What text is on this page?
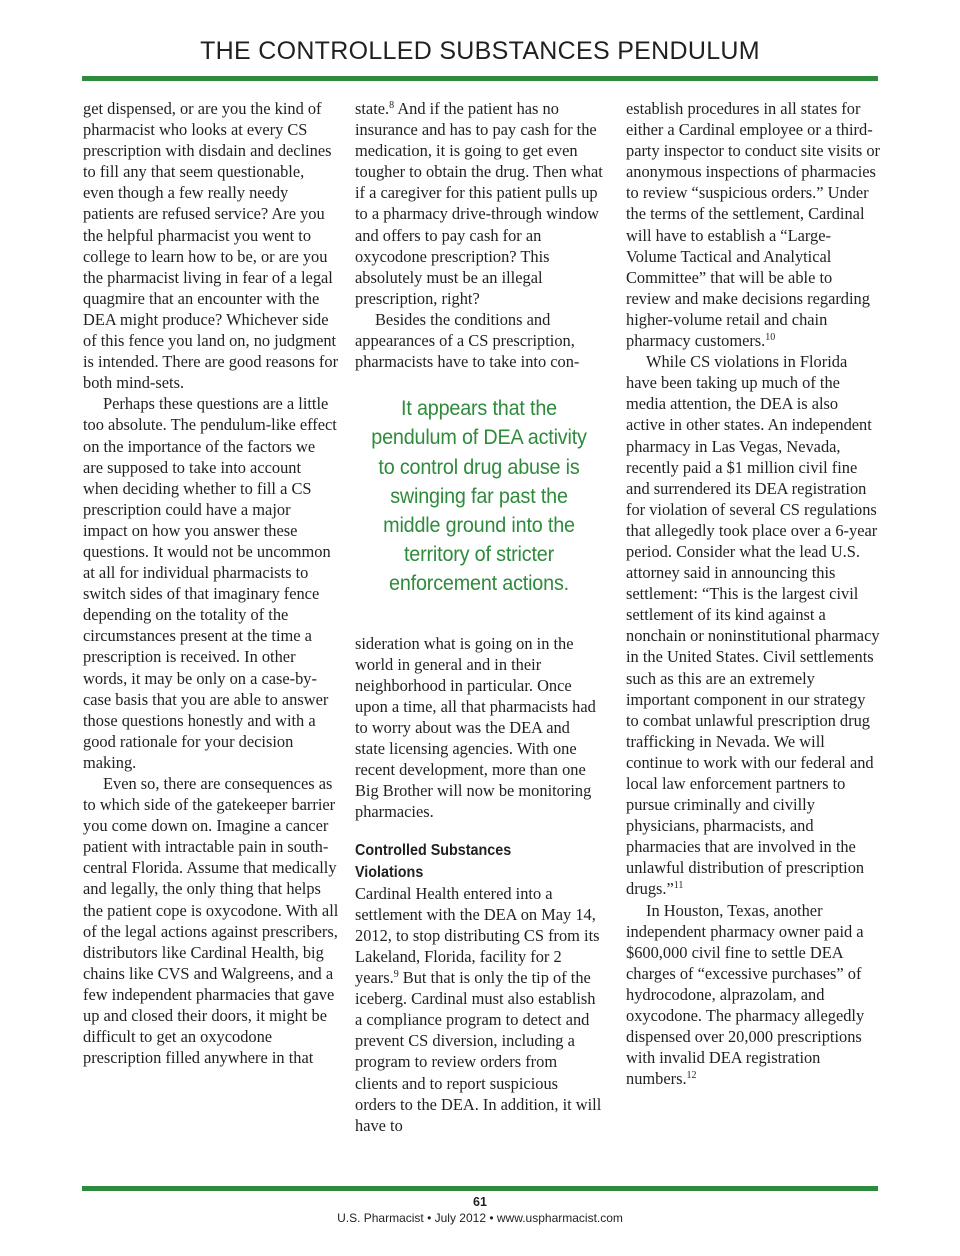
THE CONTROLLED SUBSTANCES PENDULUM

get dispensed, or are you the kind of pharmacist who looks at every CS prescription with disdain and declines to fill any that seem questionable, even though a few really needy patients are refused service? Are you the helpful pharmacist you went to college to learn how to be, or are you the pharmacist living in fear of a legal quagmire that an encounter with the DEA might produce? Whichever side of this fence you land on, no judgment is intended. There are good reasons for both mind-sets.

Perhaps these questions are a little too absolute. The pendulum-like effect on the importance of the factors we are supposed to take into account when deciding whether to fill a CS prescription could have a major impact on how you answer these questions. It would not be uncommon at all for individual pharmacists to switch sides of that imaginary fence depending on the totality of the circumstances present at the time a prescription is received. In other words, it may be only on a case-by-case basis that you are able to answer those questions honestly and with a good rationale for your decision making.

Even so, there are consequences as to which side of the gatekeeper barrier you come down on. Imagine a cancer patient with intractable pain in south-central Florida. Assume that medically and legally, the only thing that helps the patient cope is oxycodone. With all of the legal actions against prescribers, distributors like Cardinal Health, big chains like CVS and Walgreens, and a few independent pharmacies that gave up and closed their doors, it might be difficult to get an oxycodone prescription filled anywhere in that

state.$^8$ And if the patient has no insurance and has to pay cash for the medication, it is going to get even tougher to obtain the drug. Then what if a caregiver for this patient pulls up to a pharmacy drive-through window and offers to pay cash for an oxycodone prescription? This absolutely must be an illegal prescription, right?

Besides the conditions and appearances of a CS prescription, pharmacists have to take into con-

It appears that the pendulum of DEA activity to control drug abuse is swinging far past the middle ground into the territory of stricter enforcement actions.

sideration what is going on in the world in general and in their neighborhood in particular. Once upon a time, all that pharmacists had to worry about was the DEA and state licensing agencies. With one recent development, more than one Big Brother will now be monitoring pharmacies.

Controlled Substances Violations

Cardinal Health entered into a settlement with the DEA on May 14, 2012, to stop distributing CS from its Lakeland, Florida, facility for 2 years.$^9$ But that is only the tip of the iceberg. Cardinal must also establish a compliance program to detect and prevent CS diversion, including a program to review orders from clients and to report suspicious orders to the DEA. In addition, it will have to

establish procedures in all states for either a Cardinal employee or a third-party inspector to conduct site visits or anonymous inspections of pharmacies to review “suspicious orders.” Under the terms of the settlement, Cardinal will have to establish a “Large-Volume Tactical and Analytical Committee” that will be able to review and make decisions regarding higher-volume retail and chain pharmacy customers.$^{10}$

While CS violations in Florida have been taking up much of the media attention, the DEA is also active in other states. An independent pharmacy in Las Vegas, Nevada, recently paid a $1 million civil fine and surrendered its DEA registration for violation of several CS regulations that allegedly took place over a 6-year period. Consider what the lead U.S. attorney said in announcing this settlement: “This is the largest civil settlement of its kind against a nonchain or noninstitutional pharmacy in the United States. Civil settlements such as this are an extremely important component in our strategy to combat unlawful prescription drug trafficking in Nevada. We will continue to work with our federal and local law enforcement partners to pursue criminally and civilly physicians, pharmacists, and pharmacies that are involved in the unlawful distribution of prescription drugs.”$^{11}$

In Houston, Texas, another independent pharmacy owner paid a $600,000 civil fine to settle DEA charges of “excessive purchases” of hydrocodone, alprazolam, and oxycodone. The pharmacy allegedly dispensed over 20,000 prescriptions with invalid DEA registration numbers.$^{12}$

61
U.S. Pharmacist • July 2012 • www.uspharmacist.com
